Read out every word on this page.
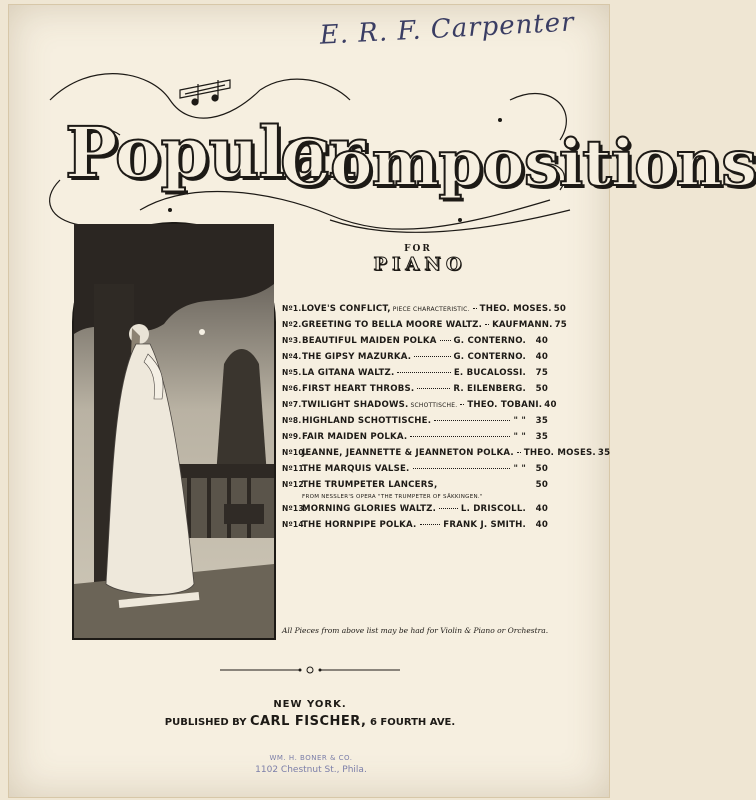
E. R. F. Carpenter
Popular
Compositions
FOR
PIANO
Nº1. LOVE'S CONFLICT, PIECE CHARACTERISTIC. THEO. MOSES. 50
Nº2. GREETING TO BELLA MOORE WALTZ. KAUFMANN. 75
Nº3. BEAUTIFUL MAIDEN POLKA G. CONTERNO.	40
Nº4. THE GIPSY MAZURKA.	G. CONTERNO.	40
Nº5. LA GITANA WALTZ.	E. BUCALOSSI.	75
Nº6. FIRST HEART THROBS.	R. EILENBERG.	50
Nº7. TWILIGHT SHADOWS. SCHOTTISCHE. THEO. TOBANI. 40
Nº8. HIGHLAND SCHOTTISCHE.	" "	35
Nº9. FAIR MAIDEN POLKA.	" "	35
Nº10.
JEANNE, JEANNETTE & JEANNETON POLKA. THEO. MOSES. 35
Nº11.
THE MARQUIS VALSE.	" "	50
Nº12.
THE TRUMPETER LANCERS,	50
FROM NESSLER'S OPERA "THE TRUMPETER OF SÄKKINGEN."
Nº13.
MORNING GLORIES WALTZ.	L. DRISCOLL.	40
Nº14.
THE HORNPIPE POLKA.	FRANK J. SMITH.	40
All Pieces from above list may be had for Violin & Piano or Orchestra.
NEW YORK.
PUBLISHED BY CARL FISCHER, 6 FOURTH AVE.
WM. H. BONER & CO.
1102 Chestnut St., Phila.
